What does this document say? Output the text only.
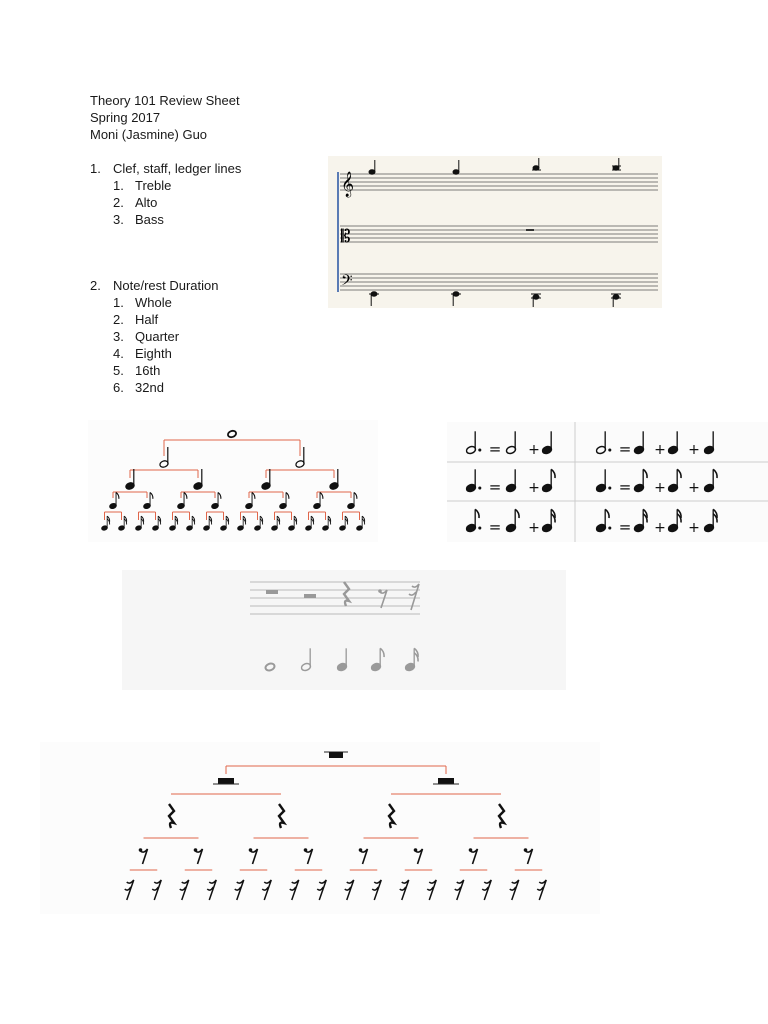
Theory 101 Review Sheet
Spring 2017
Moni (Jasmine) Guo
1. Clef, staff, ledger lines
1. Treble
2. Alto
3. Bass
2. Note/rest Duration
1. Whole
2. Half
3. Quarter
4. Eighth
5. 16th
6. 32nd
𝄞
𝄡
𝄢
= +	= + +
= +	= + +
= +	= + +
